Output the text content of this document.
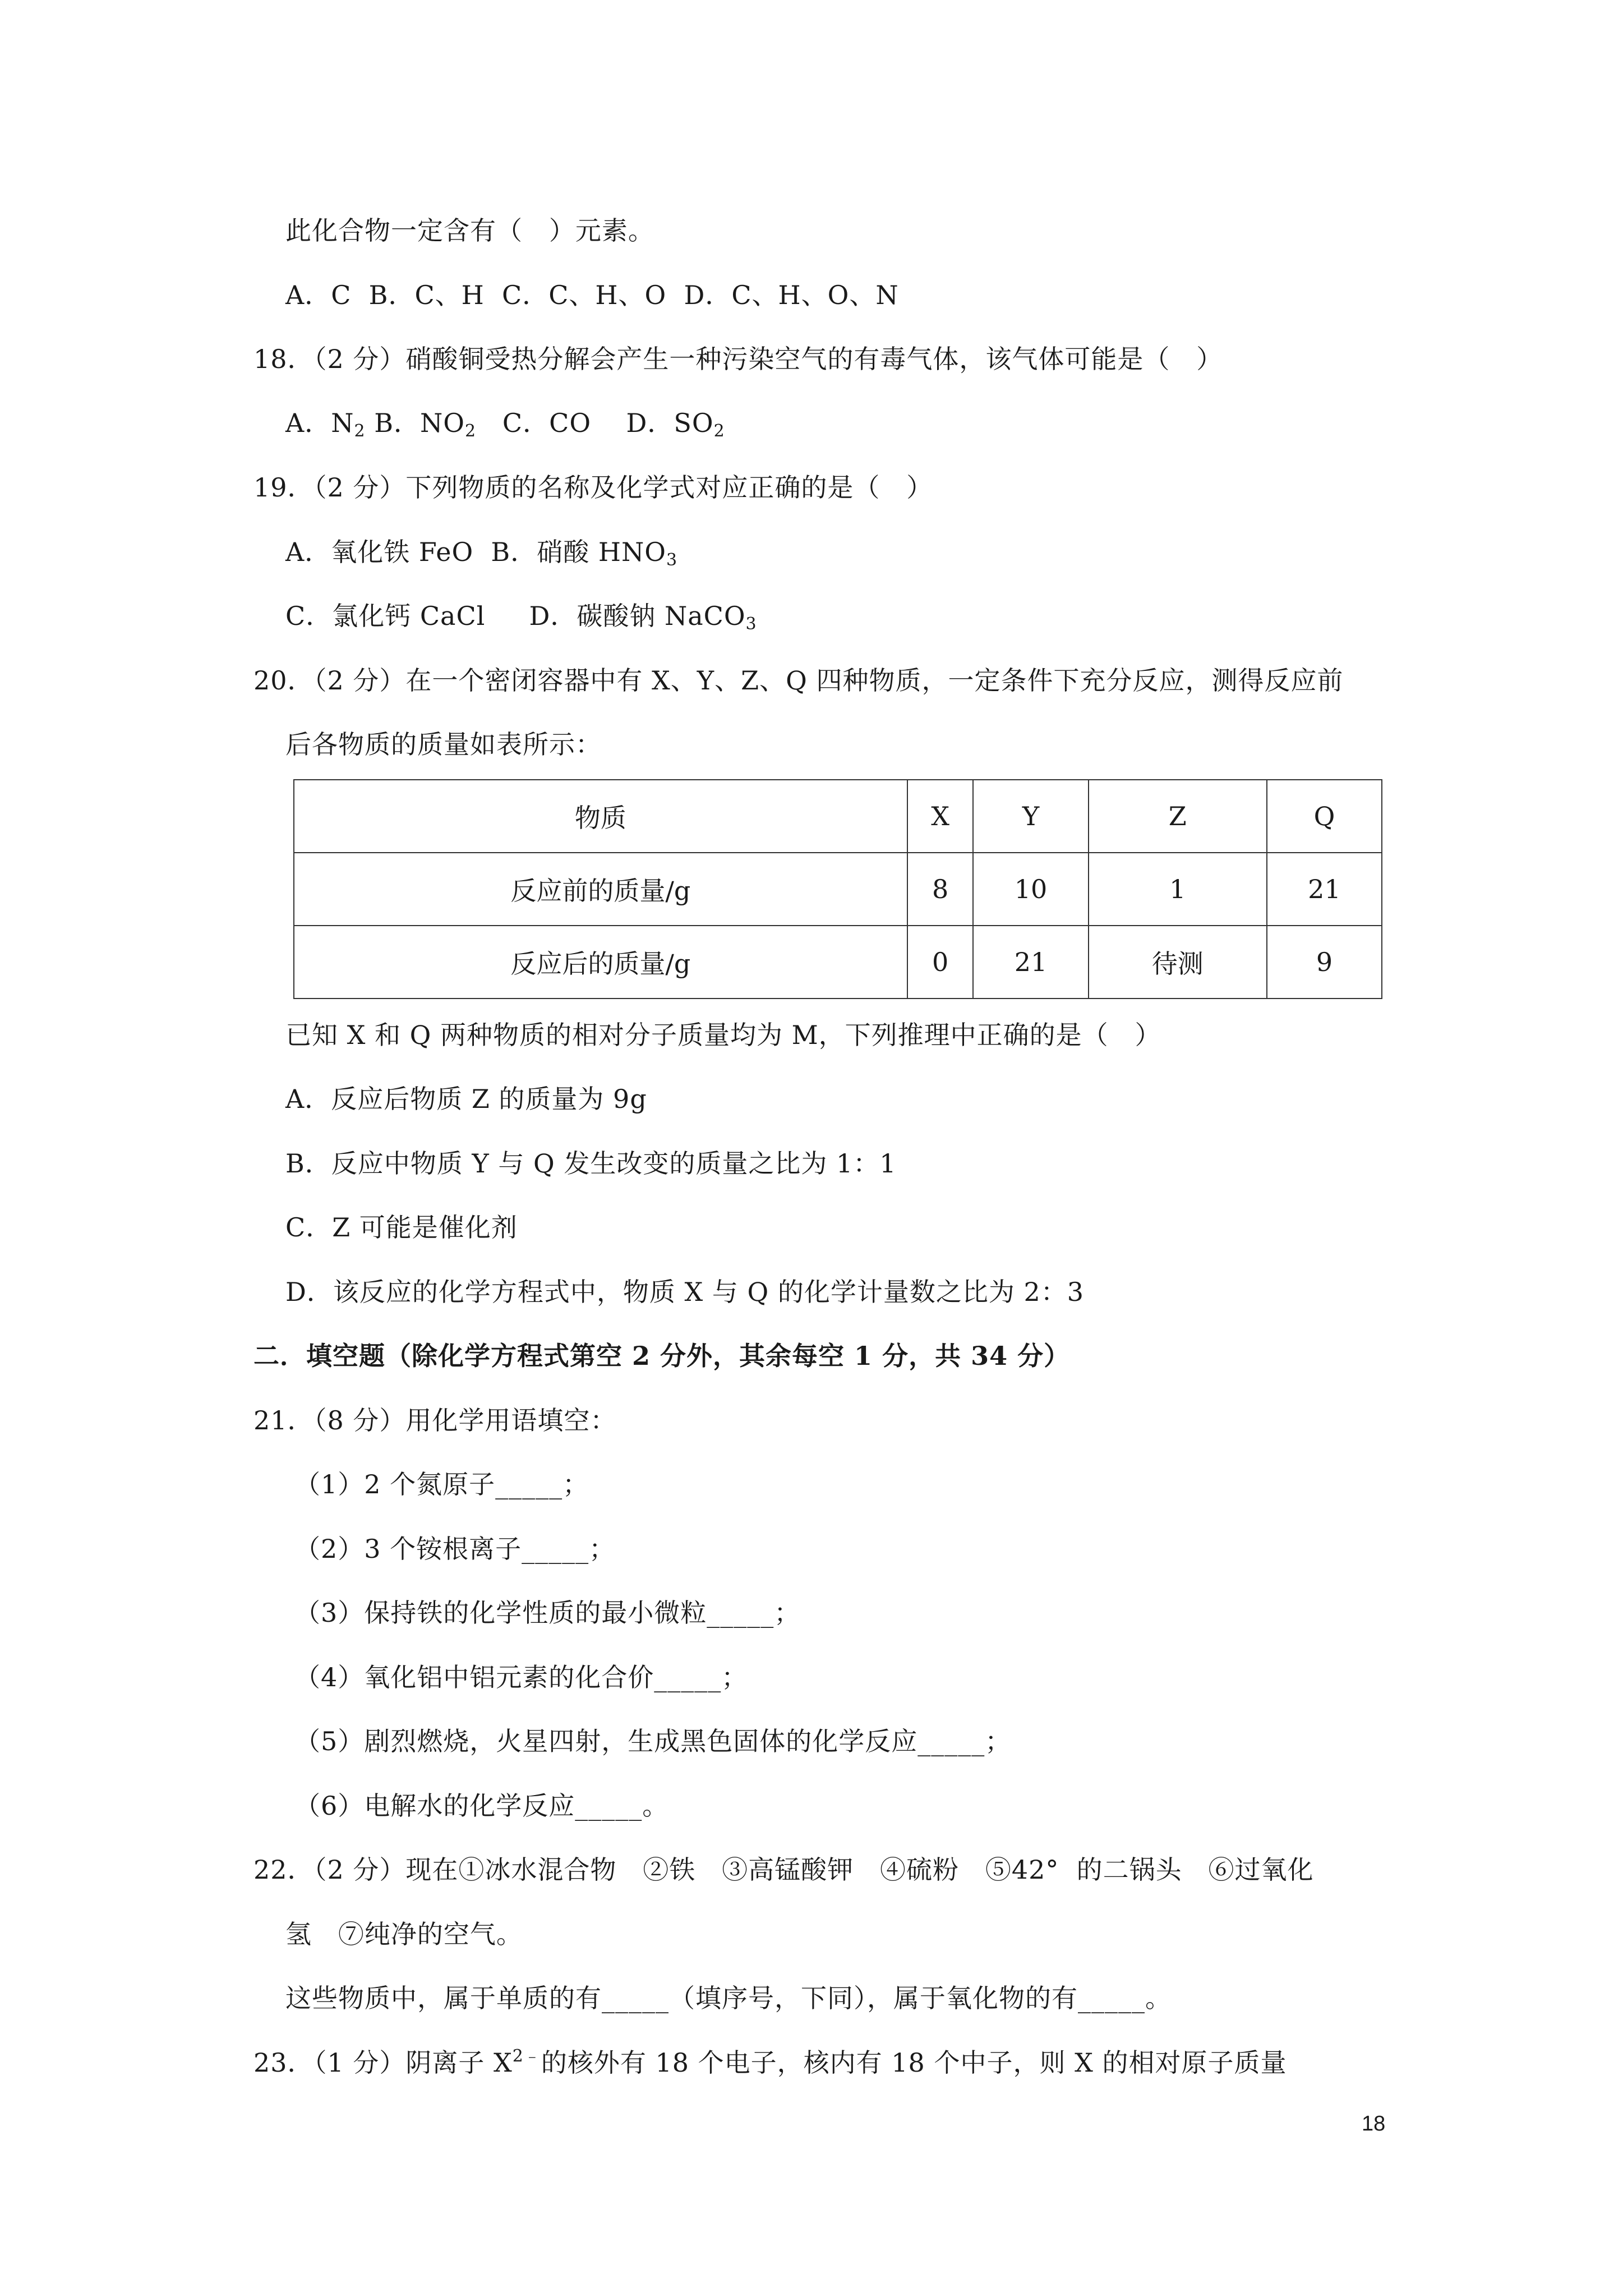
此化合物一定含有（   ）元素。
A．C  B．C、H  C．C、H、O  D．C、H、O、N
18．（2 分）硝酸铜受热分解会产生一种污染空气的有毒气体，该气体可能是（   ）
A．$N_2$ B．$NO_2$   C．CO    D．$SO_2$
19．（2 分）下列物质的名称及化学式对应正确的是（   ）
A．氧化铁 FeO  B．硝酸 $HNO_3$
C．氯化钙 CaCl     D．碳酸钠 NaCO$_3$
20．（2 分）在一个密闭容器中有 X、Y、Z、Q 四种物质，一定条件下充分反应，测得反应前
后各物质的质量如表所示：
物质	X	Y	Z	Q
反应前的质量/g	8	10	1	21
反应后的质量/g	0	21	待测	9
已知 X 和 Q 两种物质的相对分子质量均为 M，下列推理中正确的是（   ）
A．反应后物质 Z 的质量为 9g
B．反应中物质 Y 与 Q 发生改变的质量之比为 1：1
C．Z 可能是催化剂
D．该反应的化学方程式中，物质 X 与 Q 的化学计量数之比为 2：3
二．填空题（除化学方程式第空 2 分外，其余每空 1 分，共 34 分）
21．（8 分）用化学用语填空：
（1）2 个氮原子_____；
（2）3 个铵根离子_____；
（3）保持铁的化学性质的最小微粒_____；
（4）氧化铝中铝元素的化合价_____；
（5）剧烈燃烧，火星四射，生成黑色固体的化学反应_____；
（6）电解水的化学反应_____。
22．（2 分）现在①冰水混合物   ②铁   ③高锰酸钾   ④硫粉   ⑤42°  的二锅头   ⑥过氧化
氢   ⑦纯净的空气。
这些物质中，属于单质的有_____（填序号，下同），属于氧化物的有_____。
23．（1 分）阴离子 $X^{2﹣}$的核外有 18 个电子，核内有 18 个中子，则 X 的相对原子质量
18
